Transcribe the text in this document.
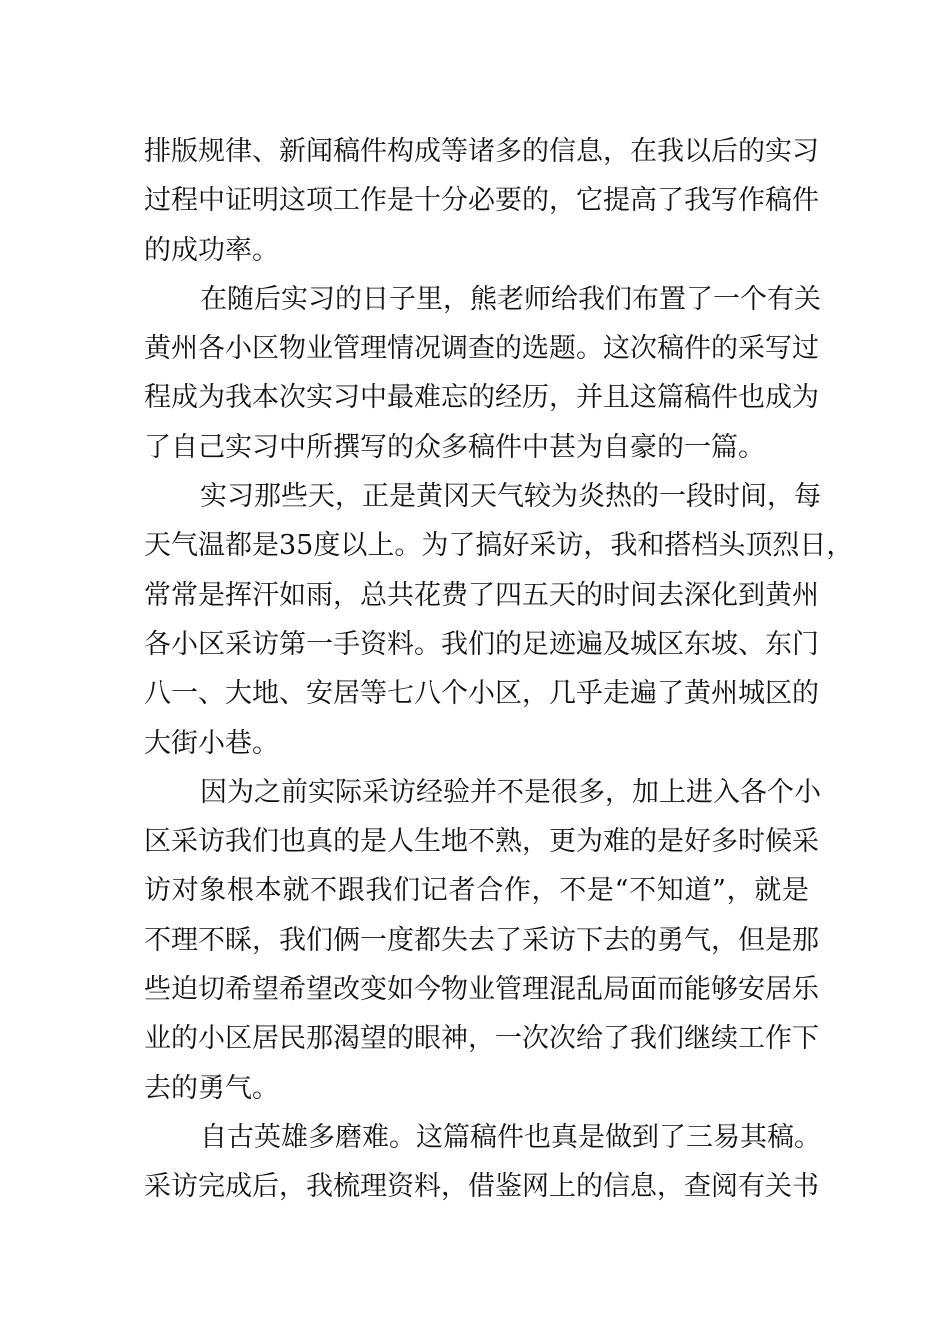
排版规律、新闻稿件构成等诸多的信息，在我以后的实习
过程中证明这项工作是十分必要的，它提高了我写作稿件
的成功率。
在随后实习的日子里，熊老师给我们布置了一个有关
黄州各小区物业管理情况调查的选题。这次稿件的采写过
程成为我本次实习中最难忘的经历，并且这篇稿件也成为
了自己实习中所撰写的众多稿件中甚为自豪的一篇。
实习那些天，正是黄冈天气较为炎热的一段时间，每
天气温都是35度以上。为了搞好采访，我和搭档头顶烈日，
常常是挥汗如雨，总共花费了四五天的时间去深化到黄州
各小区采访第一手资料。我们的足迹遍及城区东坡、东门
八一、大地、安居等七八个小区，几乎走遍了黄州城区的
大街小巷。
因为之前实际采访经验并不是很多，加上进入各个小
区采访我们也真的是人生地不熟，更为难的是好多时候采
访对象根本就不跟我们记者合作，不是“不知道”，就是
不理不睬，我们俩一度都失去了采访下去的勇气，但是那
些迫切希望希望改变如今物业管理混乱局面而能够安居乐
业的小区居民那渴望的眼神，一次次给了我们继续工作下
去的勇气。
自古英雄多磨难。这篇稿件也真是做到了三易其稿。
采访完成后，我梳理资料，借鉴网上的信息，查阅有关书
